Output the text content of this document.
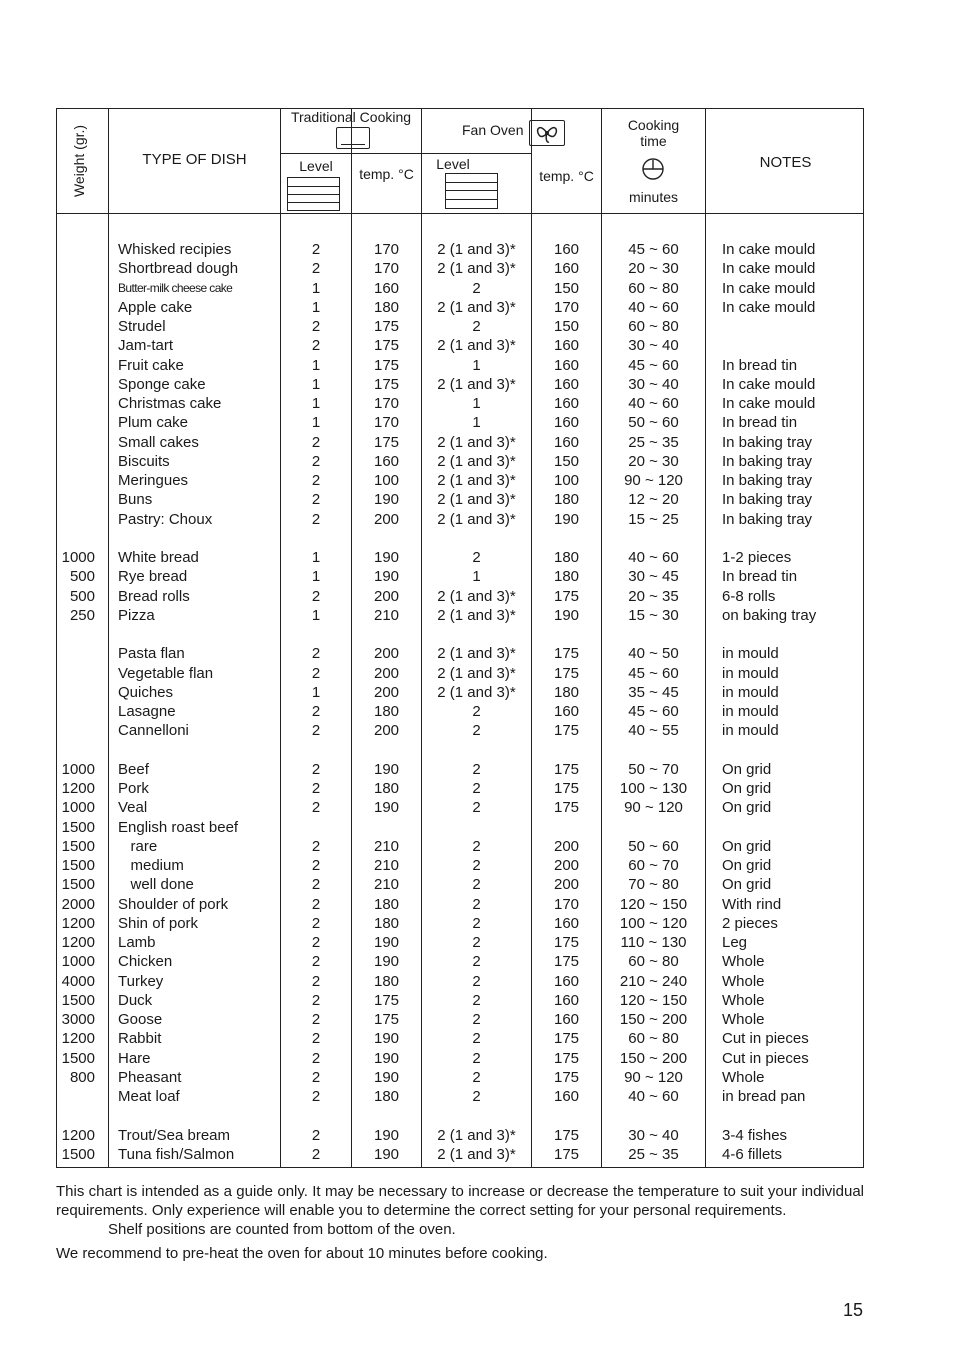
Weight (gr.)	TYPE OF DISH
Traditional Cooking
Level	temp. °C
Fan Oven
Level
temp. °C
Cooking
time
minutes
NOTES
1000
500
500
250
1000
1200
1000
1500
1500
1500
1500
2000
1200
1200
1000
4000
1500
3000
1200
1500
800
1200
1500
Whisked recipies
Shortbread dough
Butter-milk cheese cake
Apple cake
Strudel
Jam-tart
Fruit cake
Sponge cake
Christmas cake
Plum cake
Small cakes
Biscuits
Meringues
Buns
Pastry: Choux
White bread
Rye bread
Bread rolls
Pizza
Pasta flan
Vegetable flan
Quiches
Lasagne
Cannelloni
Beef
Pork
Veal
English roast beef
rare
medium
well done
Shoulder of pork
Shin of pork
Lamb
Chicken
Turkey
Duck
Goose
Rabbit
Hare
Pheasant
Meat loaf
Trout/Sea bream
Tuna fish/Salmon
2
2
1
1
2
2
1
1
1
1
2
2
2
2
2
1
1
2
1
2
2
1
2
2
2
2
2
2
2
2
2
2
2
2
2
2
2
2
2
2
2
2
2
170
170
160
180
175
175
175
175
170
170
175
160
100
190
200
190
190
200
210
200
200
200
180
200
190
180
190
210
210
210
180
180
190
190
180
175
175
190
190
190
180
190
190
2 (1 and 3)*
2 (1 and 3)*
2
2 (1 and 3)*
2
2 (1 and 3)*
1
2 (1 and 3)*
1
1
2 (1 and 3)*
2 (1 and 3)*
2 (1 and 3)*
2 (1 and 3)*
2 (1 and 3)*
2
1
2 (1 and 3)*
2 (1 and 3)*
2 (1 and 3)*
2 (1 and 3)*
2 (1 and 3)*
2
2
2
2
2
2
2
2
2
2
2
2
2
2
2
2
2
2
2
2 (1 and 3)*
2 (1 and 3)*
160
160
150
170
150
160
160
160
160
160
160
150
100
180
190
180
180
175
190
175
175
180
160
175
175
175
175
200
200
200
170
160
175
175
160
160
160
175
175
175
160
175
175
45 ~ 60
20 ~ 30
60 ~ 80
40 ~ 60
60 ~ 80
30 ~ 40
45 ~ 60
30 ~ 40
40 ~ 60
50 ~ 60
25 ~ 35
20 ~ 30
90 ~ 120
12 ~ 20
15 ~ 25
40 ~ 60
30 ~ 45
20 ~ 35
15 ~ 30
40 ~ 50
45 ~ 60
35 ~ 45
45 ~ 60
40 ~ 55
50 ~ 70
100 ~ 130
90 ~ 120
50 ~ 60
60 ~ 70
70 ~ 80
120 ~ 150
100 ~ 120
110 ~ 130
60 ~ 80
210 ~ 240
120 ~ 150
150 ~ 200
60 ~ 80
150 ~ 200
90 ~ 120
40 ~ 60
30 ~ 40
25 ~ 35
In cake mould
In cake mould
In cake mould
In cake mould
In bread tin
In cake mould
In cake mould
In bread tin
In baking tray
In baking tray
In baking tray
In baking tray
In baking tray
1-2 pieces
In bread tin
6-8 rolls
on baking tray
in mould
in mould
in mould
in mould
in mould
On grid
On grid
On grid
On grid
On grid
On grid
With rind
2 pieces
Leg
Whole
Whole
Whole
Whole
Cut in pieces
Cut in pieces
Whole
in bread pan
3-4 fishes
4-6 fillets
This chart is intended as a guide only. It may be necessary to increase or decrease the temperature to suit your individual requirements. Only experience will enable you to determine the correct setting for your personal requirements.
Shelf positions are counted from bottom of the oven.
We recommend to pre-heat the oven for about 10 minutes before cooking.
15
